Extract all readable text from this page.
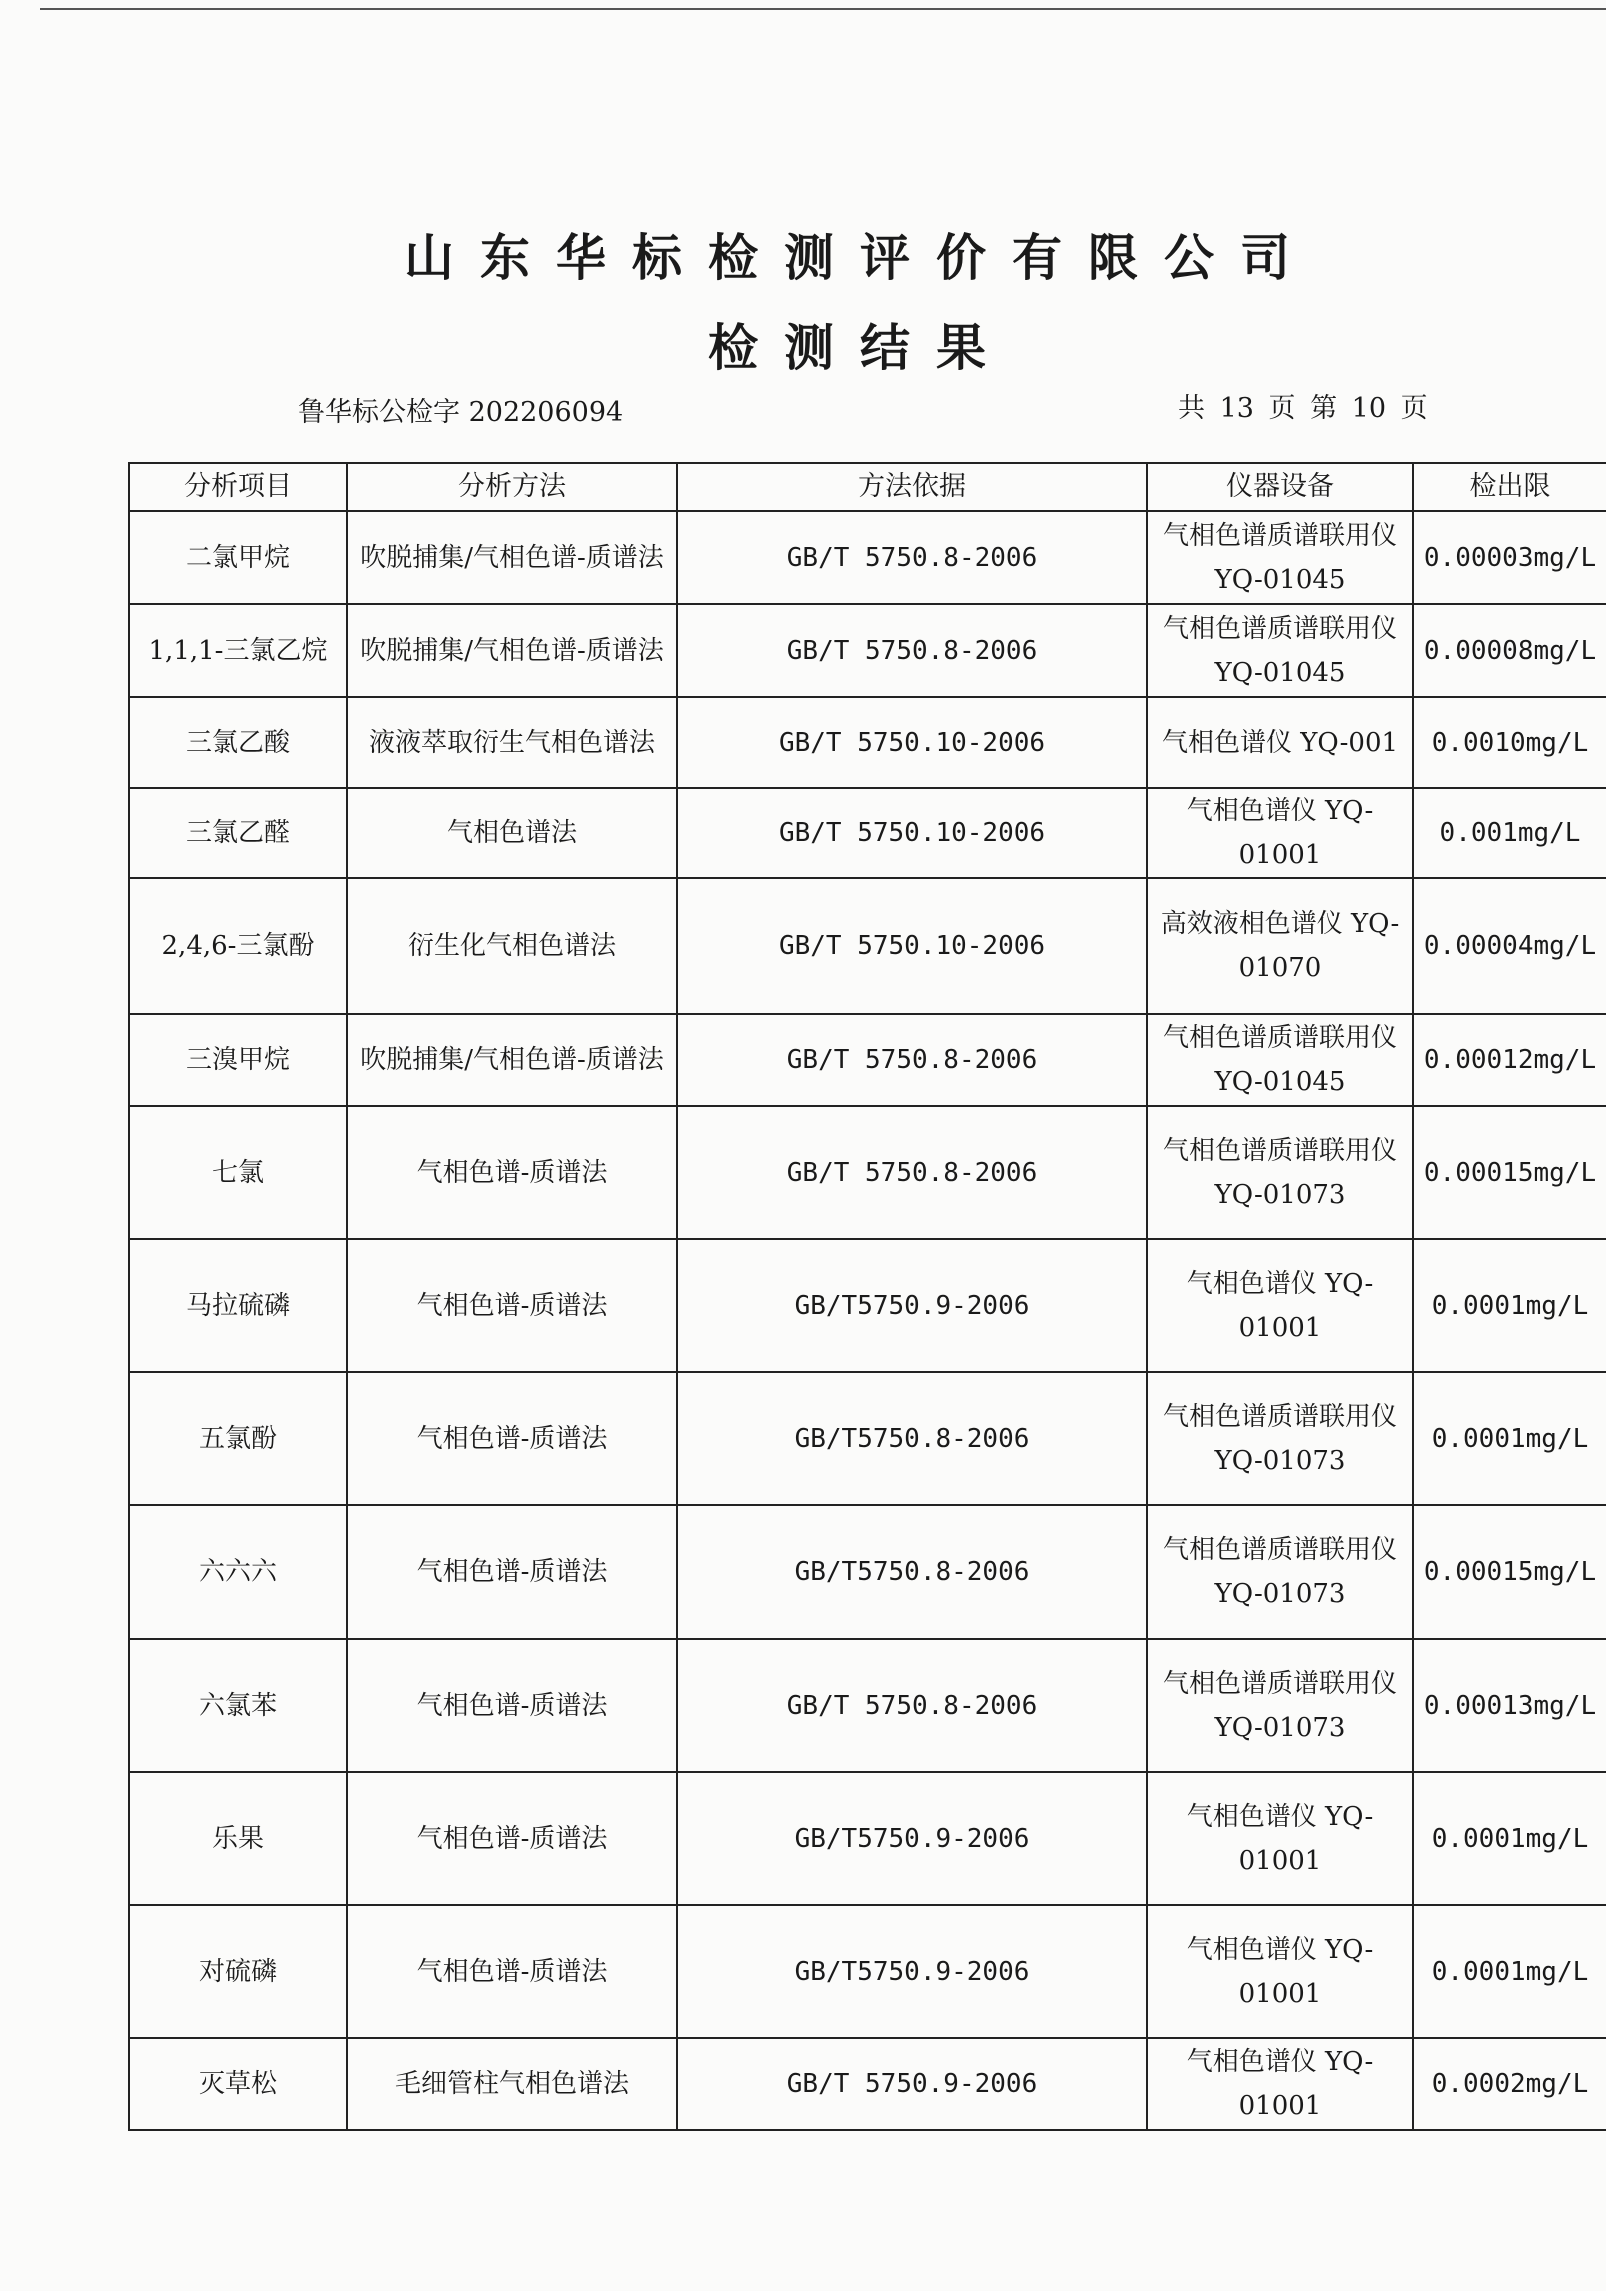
山东华标检测评价有限公司
检测结果
鲁华标公检字 202206094	共 13 页 第 10 页
分析项目	分析方法	方法依据	仪器设备	检出限
二氯甲烷	吹脱捕集/气相色谱-质谱法	GB/T 5750.8-2006	气相色谱质谱联用仪 YQ-01045	0.00003mg/L
1,1,1-三氯乙烷	吹脱捕集/气相色谱-质谱法	GB/T 5750.8-2006	气相色谱质谱联用仪 YQ-01045	0.00008mg/L
三氯乙酸	液液萃取衍生气相色谱法	GB/T 5750.10-2006	气相色谱仪 YQ-001	0.0010mg/L
三氯乙醛	气相色谱法	GB/T 5750.10-2006	气相色谱仪 YQ-01001	0.001mg/L
2,4,6-三氯酚	衍生化气相色谱法	GB/T 5750.10-2006	高效液相色谱仪 YQ-01070	0.00004mg/L
三溴甲烷	吹脱捕集/气相色谱-质谱法	GB/T 5750.8-2006	气相色谱质谱联用仪 YQ-01045	0.00012mg/L
七氯	气相色谱-质谱法	GB/T 5750.8-2006	气相色谱质谱联用仪 YQ-01073	0.00015mg/L
马拉硫磷	气相色谱-质谱法	GB/T5750.9-2006	气相色谱仪 YQ-01001	0.0001mg/L
五氯酚	气相色谱-质谱法	GB/T5750.8-2006	气相色谱质谱联用仪 YQ-01073	0.0001mg/L
六六六	气相色谱-质谱法	GB/T5750.8-2006	气相色谱质谱联用仪 YQ-01073	0.00015mg/L
六氯苯	气相色谱-质谱法	GB/T 5750.8-2006	气相色谱质谱联用仪 YQ-01073	0.00013mg/L
乐果	气相色谱-质谱法	GB/T5750.9-2006	气相色谱仪 YQ-01001	0.0001mg/L
对硫磷	气相色谱-质谱法	GB/T5750.9-2006	气相色谱仪 YQ-01001	0.0001mg/L
灭草松	毛细管柱气相色谱法	GB/T 5750.9-2006	气相色谱仪 YQ-01001	0.0002mg/L
